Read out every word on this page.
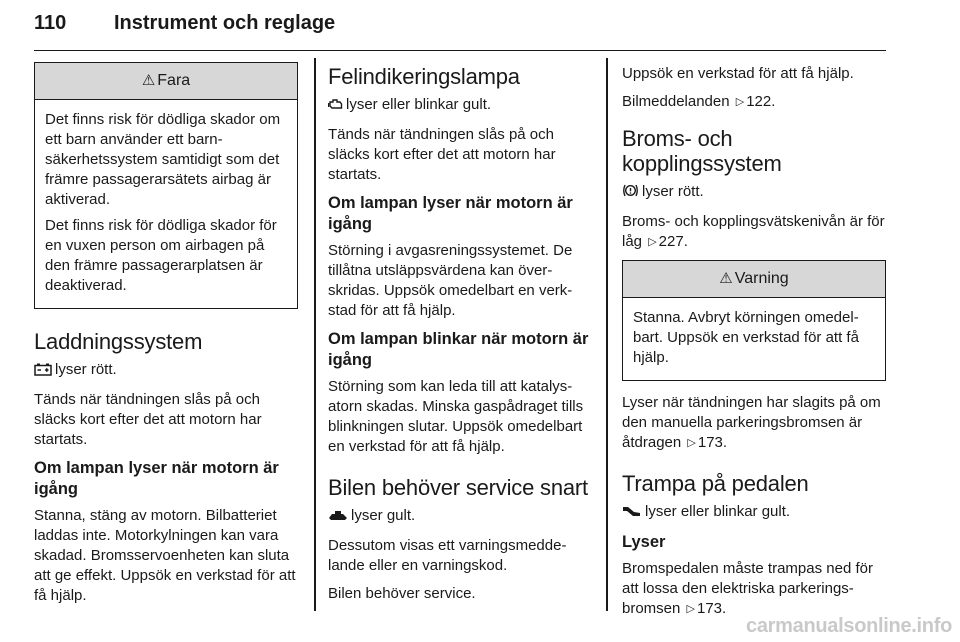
110 Instrument och reglage
⚠ Fara

Det finns risk för dödliga skador om ett barn använder ett barnsäkerhetssystem samtidigt som det främre passagerarsätets airbag är aktiverad.

Det finns risk för dödliga skador för en vuxen person om airbagen på den främre passagerarplatsen är deaktiverad.

Laddningssystem

lyser rött.

Tänds när tändningen slås på och släcks kort efter det att motorn har startats.

Om lampan lyser när motorn är igång

Stanna, stäng av motorn. Bilbatteriet laddas inte. Motorkylningen kan vara skadad. Bromsservoenheten kan sluta att ge effekt. Uppsök en verkstad för att få hjälp.

Felindikeringslampa

lyser eller blinkar gult.

Tänds när tändningen slås på och släcks kort efter det att motorn har startats.

Om lampan lyser när motorn är igång

Störning i avgasreningssystemet. De tillåtna utsläppsvärdena kan överskridas. Uppsök omedelbart en verkstad för att få hjälp.

Om lampan blinkar när motorn är igång

Störning som kan leda till att katalysatorn skadas. Minska gaspådraget tills blinkningen slutar. Uppsök omedelbart en verkstad för att få hjälp.

Bilen behöver service snart

lyser gult.

Dessutom visas ett varningsmeddelande eller en varningskod.

Bilen behöver service.

Uppsök en verkstad för att få hjälp.

Bilmeddelanden ▷ 122.

Broms- och kopplingssystem

lyser rött.

Broms- och kopplingsvätskenivån är för låg ▷ 227.

⚠ Varning

Stanna. Avbryt körningen omedelbart. Uppsök en verkstad för att få hjälp.

Lyser när tändningen har slagits på om den manuella parkeringsbromsen är åtdragen ▷ 173.

Trampa på pedalen

lyser eller blinkar gult.

Lyser

Bromspedalen måste trampas ned för att lossa den elektriska parkeringsbromsen ▷ 173.

carmanualsonline.info
